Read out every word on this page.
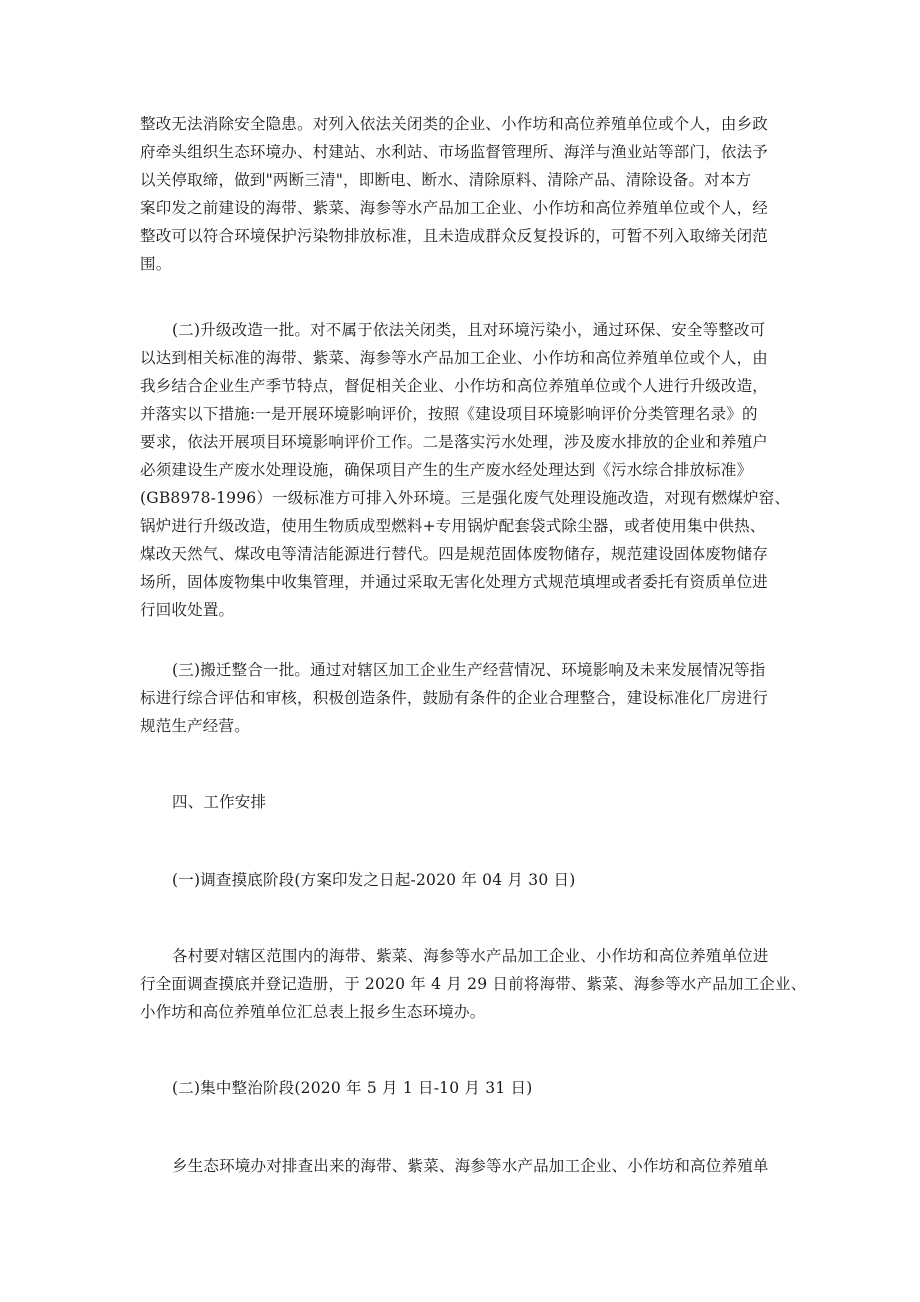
整改无法消除安全隐患。对列入依法关闭类的企业、小作坊和高位养殖单位或个人，由乡政
府牵头组织生态环境办、村建站、水利站、市场监督管理所、海洋与渔业站等部门，依法予
以关停取缔，做到"两断三清"，即断电、断水、清除原料、清除产品、清除设备。对本方
案印发之前建设的海带、紫菜、海参等水产品加工企业、小作坊和高位养殖单位或个人，经
整改可以符合环境保护污染物排放标准，且未造成群众反复投诉的，可暂不列入取缔关闭范
围。
(二)升级改造一批。对不属于依法关闭类，且对环境污染小，通过环保、安全等整改可
以达到相关标准的海带、紫菜、海参等水产品加工企业、小作坊和高位养殖单位或个人，由
我乡结合企业生产季节特点，督促相关企业、小作坊和高位养殖单位或个人进行升级改造，
并落实以下措施:一是开展环境影响评价，按照《建设项目环境影响评价分类管理名录》的
要求，依法开展项目环境影响评价工作。二是落实污水处理，涉及废水排放的企业和养殖户
必须建设生产废水处理设施，确保项目产生的生产废水经处理达到《污水综合排放标准》
(GB8978-1996）一级标准方可排入外环境。三是强化废气处理设施改造，对现有燃煤炉窑、
锅炉进行升级改造，使用生物质成型燃料+专用锅炉配套袋式除尘器，或者使用集中供热、
煤改天然气、煤改电等清洁能源进行替代。四是规范固体废物储存，规范建设固体废物储存
场所，固体废物集中收集管理，并通过采取无害化处理方式规范填埋或者委托有资质单位进
行回收处置。
(三)搬迁整合一批。通过对辖区加工企业生产经营情况、环境影响及未来发展情况等指
标进行综合评估和审核，积极创造条件，鼓励有条件的企业合理整合，建设标准化厂房进行
规范生产经营。
四、工作安排
(一)调查摸底阶段(方案印发之日起-2020 年 04 月 30 日)
各村要对辖区范围内的海带、紫菜、海参等水产品加工企业、小作坊和高位养殖单位进
行全面调查摸底并登记造册，于 2020 年 4 月 29 日前将海带、紫菜、海参等水产品加工企业、
小作坊和高位养殖单位汇总表上报乡生态环境办。
(二)集中整治阶段(2020 年 5 月 1 日-10 月 31 日)
乡生态环境办对排查出来的海带、紫菜、海参等水产品加工企业、小作坊和高位养殖单
